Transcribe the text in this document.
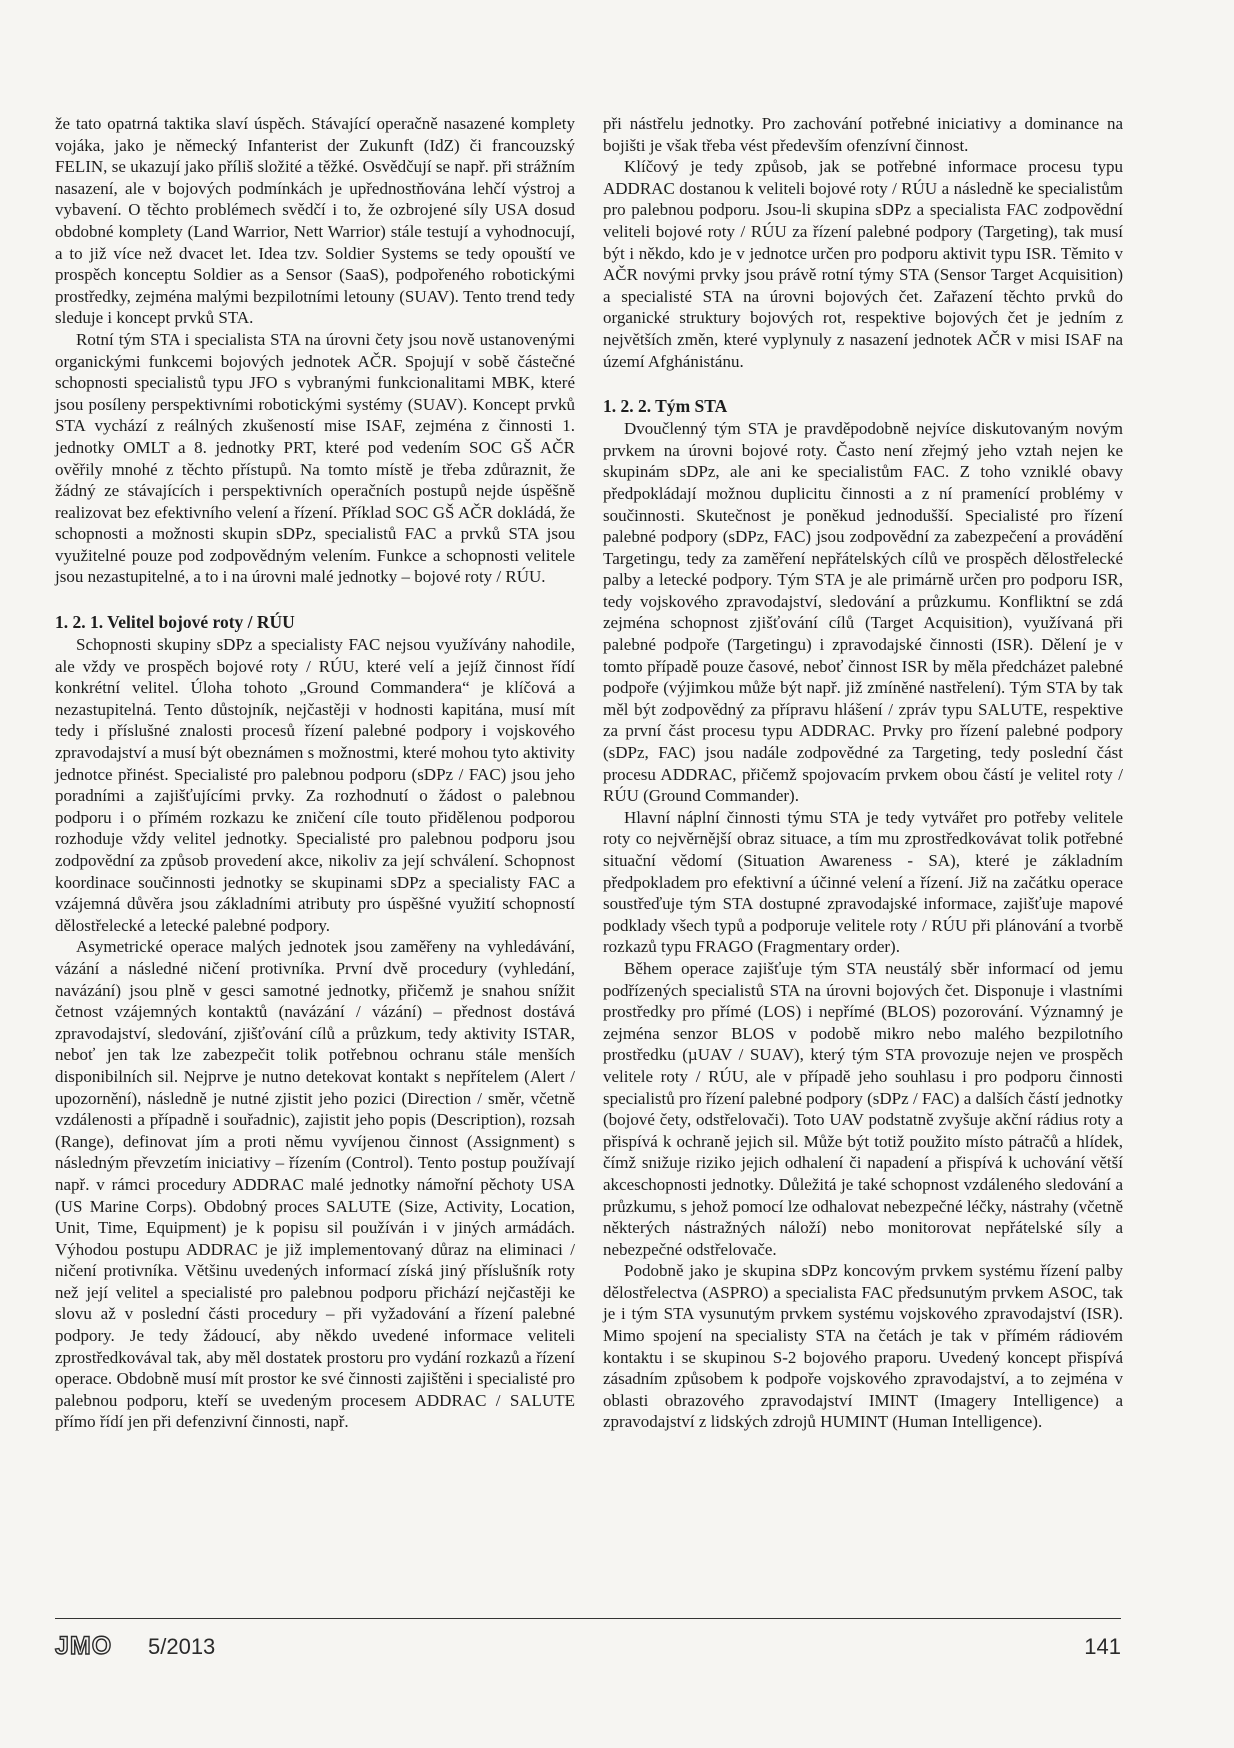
že tato opatrná taktika slaví úspěch. Stávající operačně nasazené komplety vojáka, jako je německý Infanterist der Zukunft (IdZ) či francouzský FELIN, se ukazují jako příliš složité a těžké. Osvědčují se např. při strážním nasazení, ale v bojových podmínkách je upřednostňována lehčí výstroj a vybavení. O těchto problémech svědčí i to, že ozbrojené síly USA dosud obdobné komplety (Land Warrior, Nett Warrior) stále testují a vyhodnocují, a to již více než dvacet let. Idea tzv. Soldier Systems se tedy opouští ve prospěch konceptu Soldier as a Sensor (SaaS), podpořeného robotickými prostředky, zejména malými bezpilotními letouny (SUAV). Tento trend tedy sleduje i koncept prvků STA.

Rotní tým STA i specialista STA na úrovni čety jsou nově ustanovenými organickými funkcemi bojových jednotek AČR. Spojují v sobě částečné schopnosti specialistů typu JFO s vybranými funkcionalitami MBK, které jsou posíleny perspektivními robotickými systémy (SUAV). Koncept prvků STA vychází z reálných zkušeností mise ISAF, zejména z činnosti 1. jednotky OMLT a 8. jednotky PRT, které pod vedením SOC GŠ AČR ověřily mnohé z těchto přístupů. Na tomto místě je třeba zdůraznit, že žádný ze stávajících i perspektivních operačních postupů nejde úspěšně realizovat bez efektivního velení a řízení. Příklad SOC GŠ AČR dokládá, že schopnosti a možnosti skupin sDPz, specialistů FAC a prvků STA jsou využitelné pouze pod zodpovědným velením. Funkce a schopnosti velitele jsou nezastupitelné, a to i na úrovni malé jednotky – bojové roty / RÚU.

1. 2. 1. Velitel bojové roty / RÚU

Schopnosti skupiny sDPz a specialisty FAC nejsou využívány nahodile, ale vždy ve prospěch bojové roty / RÚU, které velí a jejíž činnost řídí konkrétní velitel. Úloha tohoto „Ground Commandera“ je klíčová a nezastupitelná. Tento důstojník, nejčastěji v hodnosti kapitána, musí mít tedy i příslušné znalosti procesů řízení palebné podpory i vojskového zpravodajství a musí být obeznámen s možnostmi, které mohou tyto aktivity jednotce přinést. Specialisté pro palebnou podporu (sDPz / FAC) jsou jeho poradními a zajišťujícími prvky. Za rozhodnutí o žádost o palebnou podporu i o přímém rozkazu ke zničení cíle touto přidělenou podporou rozhoduje vždy velitel jednotky. Specialisté pro palebnou podporu jsou zodpovědní za způsob provedení akce, nikoliv za její schválení. Schopnost koordinace součinnosti jednotky se skupinami sDPz a specialisty FAC a vzájemná důvěra jsou základními atributy pro úspěšné využití schopností dělostřelecké a letecké palebné podpory.

Asymetrické operace malých jednotek jsou zaměřeny na vyhledávání, vázání a následné ničení protivníka. První dvě procedury (vyhledání, navázání) jsou plně v gesci samotné jednotky, přičemž je snahou snížit četnost vzájemných kontaktů (navázání / vázání) – přednost dostává zpravodajství, sledování, zjišťování cílů a průzkum, tedy aktivity ISTAR, neboť jen tak lze zabezpečit tolik potřebnou ochranu stále menších disponibilních sil. Nejprve je nutno detekovat kontakt s nepřítelem (Alert / upozornění), následně je nutné zjistit jeho pozici (Direction / směr, včetně vzdálenosti a případně i souřadnic), zajistit jeho popis (Description), rozsah (Range), definovat jím a proti němu vyvíjenou činnost (Assignment) s následným převzetím iniciativy – řízením (Control). Tento postup používají např. v rámci procedury ADDRAC malé jednotky námořní pěchoty USA (US Marine Corps). Obdobný proces SALUTE (Size, Activity, Location, Unit, Time, Equipment) je k popisu sil používán i v jiných armádách. Výhodou postupu ADDRAC je již implementovaný důraz na eliminaci / ničení protivníka. Většinu uvedených informací získá jiný příslušník roty než její velitel a specialisté pro palebnou podporu přichází nejčastěji ke slovu až v poslední části procedury – při vyžadování a řízení palebné podpory. Je tedy žádoucí, aby někdo uvedené informace veliteli zprostředkovával tak, aby měl dostatek prostoru pro vydání rozkazů a řízení operace. Obdobně musí mít prostor ke své činnosti zajištěni i specialisté pro palebnou podporu, kteří se uvedeným procesem ADDRAC / SALUTE přímo řídí jen při defenzivní činnosti, např.

při nástřelu jednotky. Pro zachování potřebné iniciativy a dominance na bojišti je však třeba vést především ofenzívní činnost.

Klíčový je tedy způsob, jak se potřebné informace procesu typu ADDRAC dostanou k veliteli bojové roty / RÚU a následně ke specialistům pro palebnou podporu. Jsou-li skupina sDPz a specialista FAC zodpovědní veliteli bojové roty / RÚU za řízení palebné podpory (Targeting), tak musí být i někdo, kdo je v jednotce určen pro podporu aktivit typu ISR. Těmito v AČR novými prvky jsou právě rotní týmy STA (Sensor Target Acquisition) a specialisté STA na úrovni bojových čet. Zařazení těchto prvků do organické struktury bojových rot, respektive bojových čet je jedním z největších změn, které vyplynuly z nasazení jednotek AČR v misi ISAF na území Afghánistánu.

1. 2. 2. Tým STA

Dvoučlenný tým STA je pravděpodobně nejvíce diskutovaným novým prvkem na úrovni bojové roty. Často není zřejmý jeho vztah nejen ke skupinám sDPz, ale ani ke specialistům FAC. Z toho vzniklé obavy předpokládají možnou duplicitu činnosti a z ní pramenící problémy v součinnosti. Skutečnost je poněkud jednodušší. Specialisté pro řízení palebné podpory (sDPz, FAC) jsou zodpovědní za zabezpečení a provádění Targetingu, tedy za zaměření nepřátelských cílů ve prospěch dělostřelecké palby a letecké podpory. Tým STA je ale primárně určen pro podporu ISR, tedy vojskového zpravodajství, sledování a průzkumu. Konfliktní se zdá zejména schopnost zjišťování cílů (Target Acquisition), využívaná při palebné podpoře (Targetingu) i zpravodajské činnosti (ISR). Dělení je v tomto případě pouze časové, neboť činnost ISR by měla předcházet palebné podpoře (výjimkou může být např. již zmíněné nastřelení). Tým STA by tak měl být zodpovědný za přípravu hlášení / zpráv typu SALUTE, respektive za první část procesu typu ADDRAC. Prvky pro řízení palebné podpory (sDPz, FAC) jsou nadále zodpovědné za Targeting, tedy poslední část procesu ADDRAC, přičemž spojovacím prvkem obou částí je velitel roty / RÚU (Ground Commander).

Hlavní náplní činnosti týmu STA je tedy vytvářet pro potřeby velitele roty co nejvěrnější obraz situace, a tím mu zprostředkovávat tolik potřebné situační vědomí (Situation Awareness - SA), které je základním předpokladem pro efektivní a účinné velení a řízení. Již na začátku operace soustřeďuje tým STA dostupné zpravodajské informace, zajišťuje mapové podklady všech typů a podporuje velitele roty / RÚU při plánování a tvorbě rozkazů typu FRAGO (Fragmentary order).

Během operace zajišťuje tým STA neustálý sběr informací od jemu podřízených specialistů STA na úrovni bojových čet. Disponuje i vlastními prostředky pro přímé (LOS) i nepřímé (BLOS) pozorování. Významný je zejména senzor BLOS v podobě mikro nebo malého bezpilotního prostředku (µUAV / SUAV), který tým STA provozuje nejen ve prospěch velitele roty / RÚU, ale v případě jeho souhlasu i pro podporu činnosti specialistů pro řízení palebné podpory (sDPz / FAC) a dalších částí jednotky (bojové čety, odstřelovači). Toto UAV podstatně zvyšuje akční rádius roty a přispívá k ochraně jejich sil. Může být totiž použito místo pátračů a hlídek, čímž snižuje riziko jejich odhalení či napadení a přispívá k uchování větší akceschopnosti jednotky. Důležitá je také schopnost vzdáleného sledování a průzkumu, s jehož pomocí lze odhalovat nebezpečné léčky, nástrahy (včetně některých nástražných náloží) nebo monitorovat nepřátelské síly a nebezpečné odstřelovače.

Podobně jako je skupina sDPz koncovým prvkem systému řízení palby dělostřelectva (ASPRO) a specialista FAC předsunutým prvkem ASOC, tak je i tým STA vysunutým prvkem systému vojskového zpravodajství (ISR). Mimo spojení na specialisty STA na četách je tak v přímém rádiovém kontaktu i se skupinou S-2 bojového praporu. Uvedený koncept přispívá zásadním způsobem k podpoře vojskového zpravodajství, a to zejména v oblasti obrazového zpravodajství IMINT (Imagery Intelligence) a zpravodajství z lidských zdrojů HUMINT (Human Intelligence).

JMO 5/2013	141
